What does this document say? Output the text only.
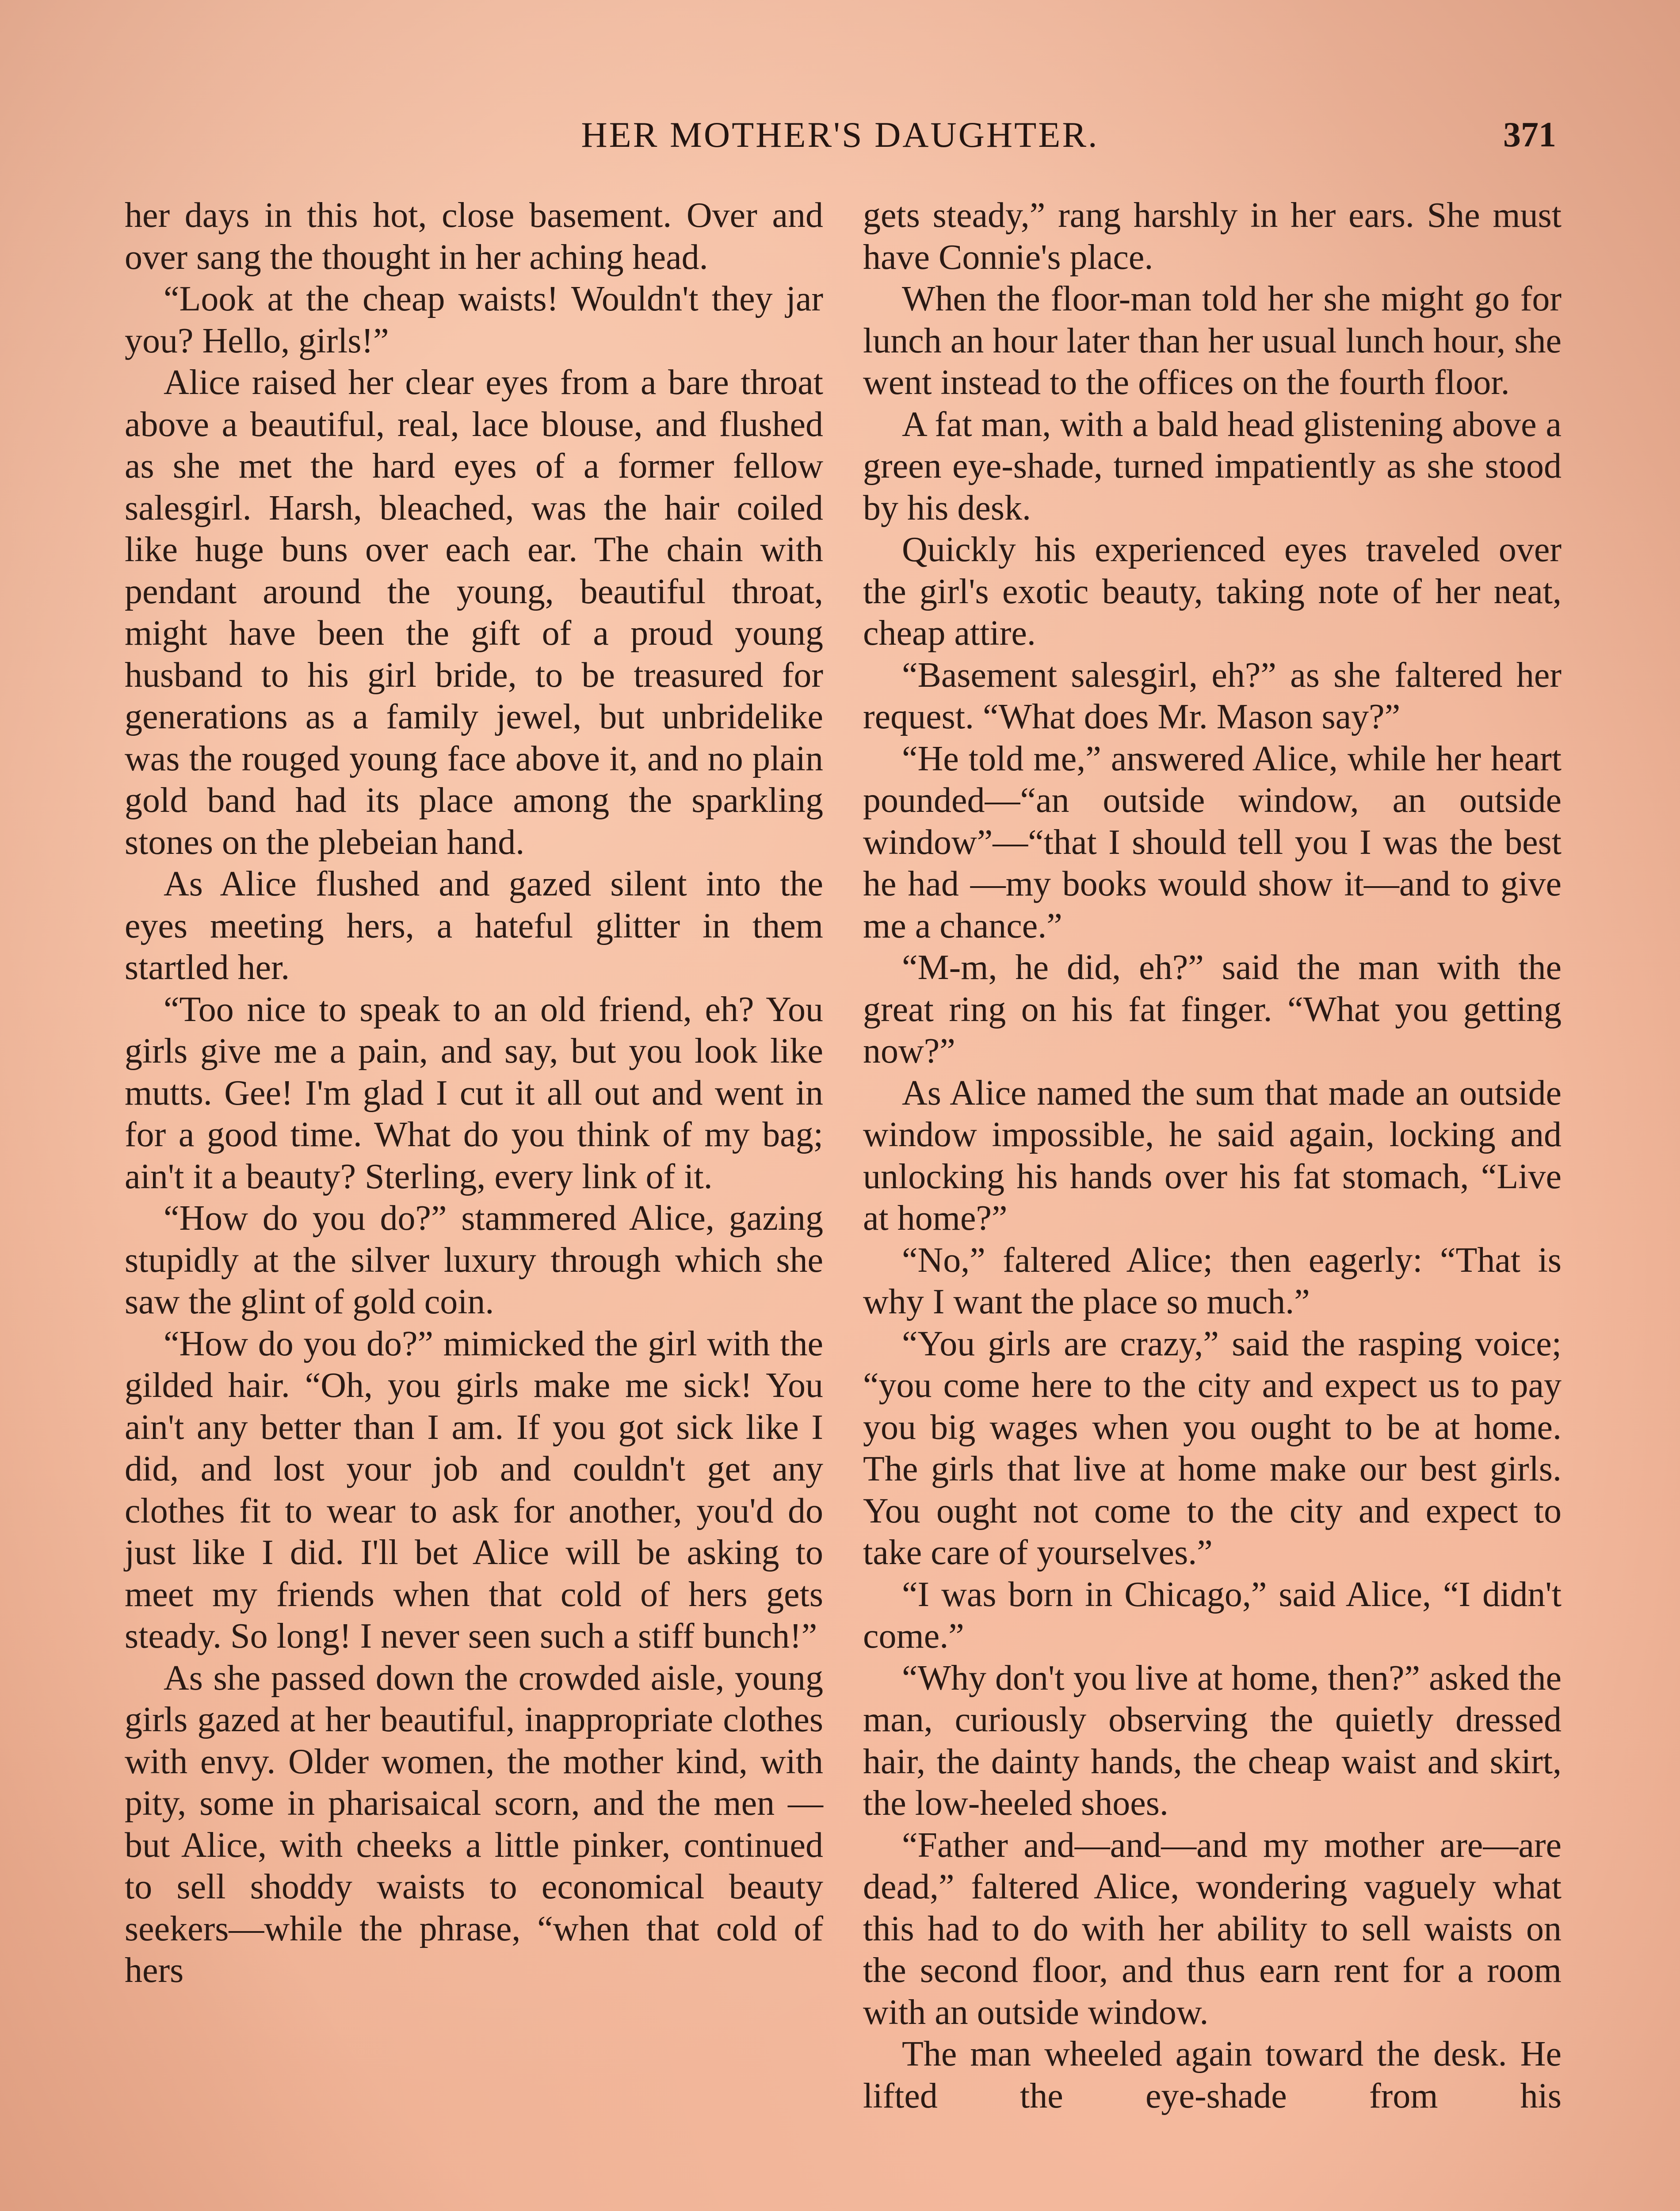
HER MOTHER'S DAUGHTER.	371

her days in this hot, close basement. Over and over sang the thought in her aching head.

“Look at the cheap waists! Wouldn't they jar you? Hello, girls!”

Alice raised her clear eyes from a bare throat above a beautiful, real, lace blouse, and flushed as she met the hard eyes of a former fellow salesgirl. Harsh, bleached, was the hair coiled like huge buns over each ear. The chain with pendant around the young, beautiful throat, might have been the gift of a proud young husband to his girl bride, to be treasured for generations as a family jewel, but unbridelike was the rouged young face above it, and no plain gold band had its place among the sparkling stones on the plebeian hand.

As Alice flushed and gazed silent into the eyes meeting hers, a hateful glitter in them startled her.

“Too nice to speak to an old friend, eh? You girls give me a pain, and say, but you look like mutts. Gee! I'm glad I cut it all out and went in for a good time. What do you think of my bag; ain't it a beauty? Sterling, every link of it.

“How do you do?” stammered Alice, gazing stupidly at the silver luxury through which she saw the glint of gold coin.

“How do you do?” mimicked the girl with the gilded hair. “Oh, you girls make me sick! You ain't any better than I am. If you got sick like I did, and lost your job and couldn't get any clothes fit to wear to ask for another, you'd do just like I did. I'll bet Alice will be asking to meet my friends when that cold of hers gets steady. So long! I never seen such a stiff bunch!”

As she passed down the crowded aisle, young girls gazed at her beautiful, inappropriate clothes with envy. Older women, the mother kind, with pity, some in pharisaical scorn, and the men —but Alice, with cheeks a little pinker, continued to sell shoddy waists to economical beauty seekers—while the phrase, “when that cold of hers

gets steady,” rang harshly in her ears. She must have Connie's place.

When the floor-man told her she might go for lunch an hour later than her usual lunch hour, she went instead to the offices on the fourth floor.

A fat man, with a bald head glistening above a green eye-shade, turned impatiently as she stood by his desk.

Quickly his experienced eyes traveled over the girl's exotic beauty, taking note of her neat, cheap attire.

“Basement salesgirl, eh?” as she faltered her request. “What does Mr. Mason say?”

“He told me,” answered Alice, while her heart pounded—“an outside window, an outside window”—“that I should tell you I was the best he had —my books would show it—and to give me a chance.”

“M-m, he did, eh?” said the man with the great ring on his fat finger. “What you getting now?”

As Alice named the sum that made an outside window impossible, he said again, locking and unlocking his hands over his fat stomach, “Live at home?”

“No,” faltered Alice; then eagerly: “That is why I want the place so much.”

“You girls are crazy,” said the rasping voice; “you come here to the city and expect us to pay you big wages when you ought to be at home. The girls that live at home make our best girls. You ought not come to the city and expect to take care of yourselves.”

“I was born in Chicago,” said Alice, “I didn't come.”

“Why don't you live at home, then?” asked the man, curiously observing the quietly dressed hair, the dainty hands, the cheap waist and skirt, the low-heeled shoes.

“Father and—and—and my mother are—are dead,” faltered Alice, wondering vaguely what this had to do with her ability to sell waists on the second floor, and thus earn rent for a room with an outside window.

The man wheeled again toward the desk. He lifted the eye-shade from his
